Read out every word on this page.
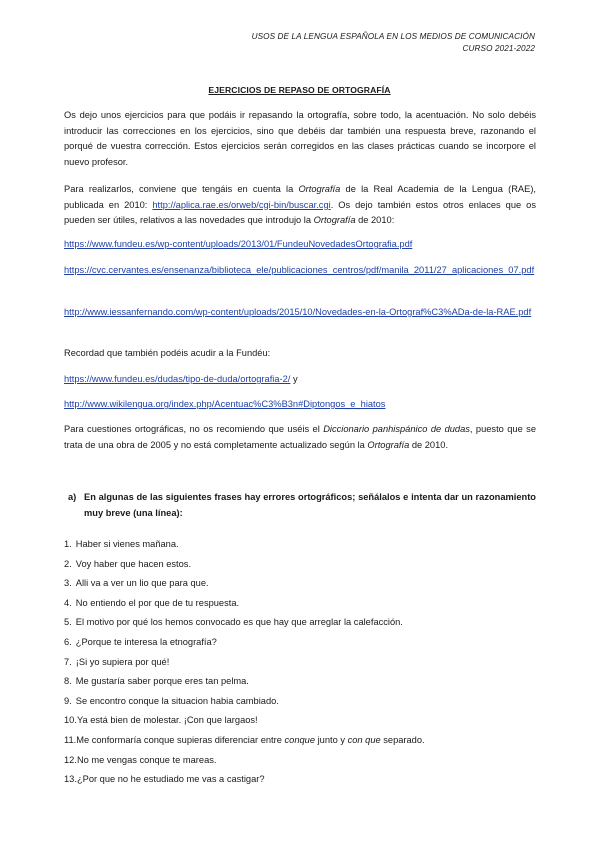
USOS DE LA LENGUA ESPAÑOLA EN LOS MEDIOS DE COMUNICACIÓN
CURSO 2021-2022
EJERCICIOS DE REPASO DE ORTOGRAFÍA
Os dejo unos ejercicios para que podáis ir repasando la ortografía, sobre todo, la acentuación. No solo debéis introducir las correcciones en los ejercicios, sino que debéis dar también una respuesta breve, razonando el porqué de vuestra corrección. Estos ejercicios serán corregidos en las clases prácticas cuando se incorpore el nuevo profesor.
Para realizarlos, conviene que tengáis en cuenta la Ortografía de la Real Academia de la Lengua (RAE), publicada en 2010: http://aplica.rae.es/orweb/cgi-bin/buscar.cgi. Os dejo también estos otros enlaces que os pueden ser útiles, relativos a las novedades que introdujo la Ortografía de 2010:
https://www.fundeu.es/wp-content/uploads/2013/01/FundeuNovedadesOrtografia.pdf
https://cvc.cervantes.es/ensenanza/biblioteca_ele/publicaciones_centros/pdf/manila_2011/27_aplicaciones_07.pdf
http://www.iessanfernando.com/wp-content/uploads/2015/10/Novedades-en-la-Ortograf%C3%ADa-de-la-RAE.pdf
Recordad que también podéis acudir a la Fundéu:
https://www.fundeu.es/dudas/tipo-de-duda/ortografia-2/ y
http://www.wikilengua.org/index.php/Acentuac%C3%B3n#Diptongos_e_hiatos
Para cuestiones ortográficas, no os recomiendo que uséis el Diccionario panhispánico de dudas, puesto que se trata de una obra de 2005 y no está completamente actualizado según la Ortografía de 2010.
a) En algunas de las siguientes frases hay errores ortográficos; señálalos e intenta dar un razonamiento muy breve (una línea):
1. Haber si vienes mañana.
2. Voy haber que hacen estos.
3. Alli va a ver un lio que para que.
4. No entiendo el por que de tu respuesta.
5. El motivo por qué los hemos convocado es que hay que arreglar la calefacción.
6. ¿Porque te interesa la etnografía?
7. ¡Si yo supiera por qué!
8. Me gustaría saber porque eres tan pelma.
9. Se encontro conque la situacion habia cambiado.
10.Ya está bien de molestar. ¡Con que largaos!
11.Me conformaría conque supieras diferenciar entre conque junto y con que separado.
12.No me vengas conque te mareas.
13.¿Por que no he estudiado me vas a castigar?
